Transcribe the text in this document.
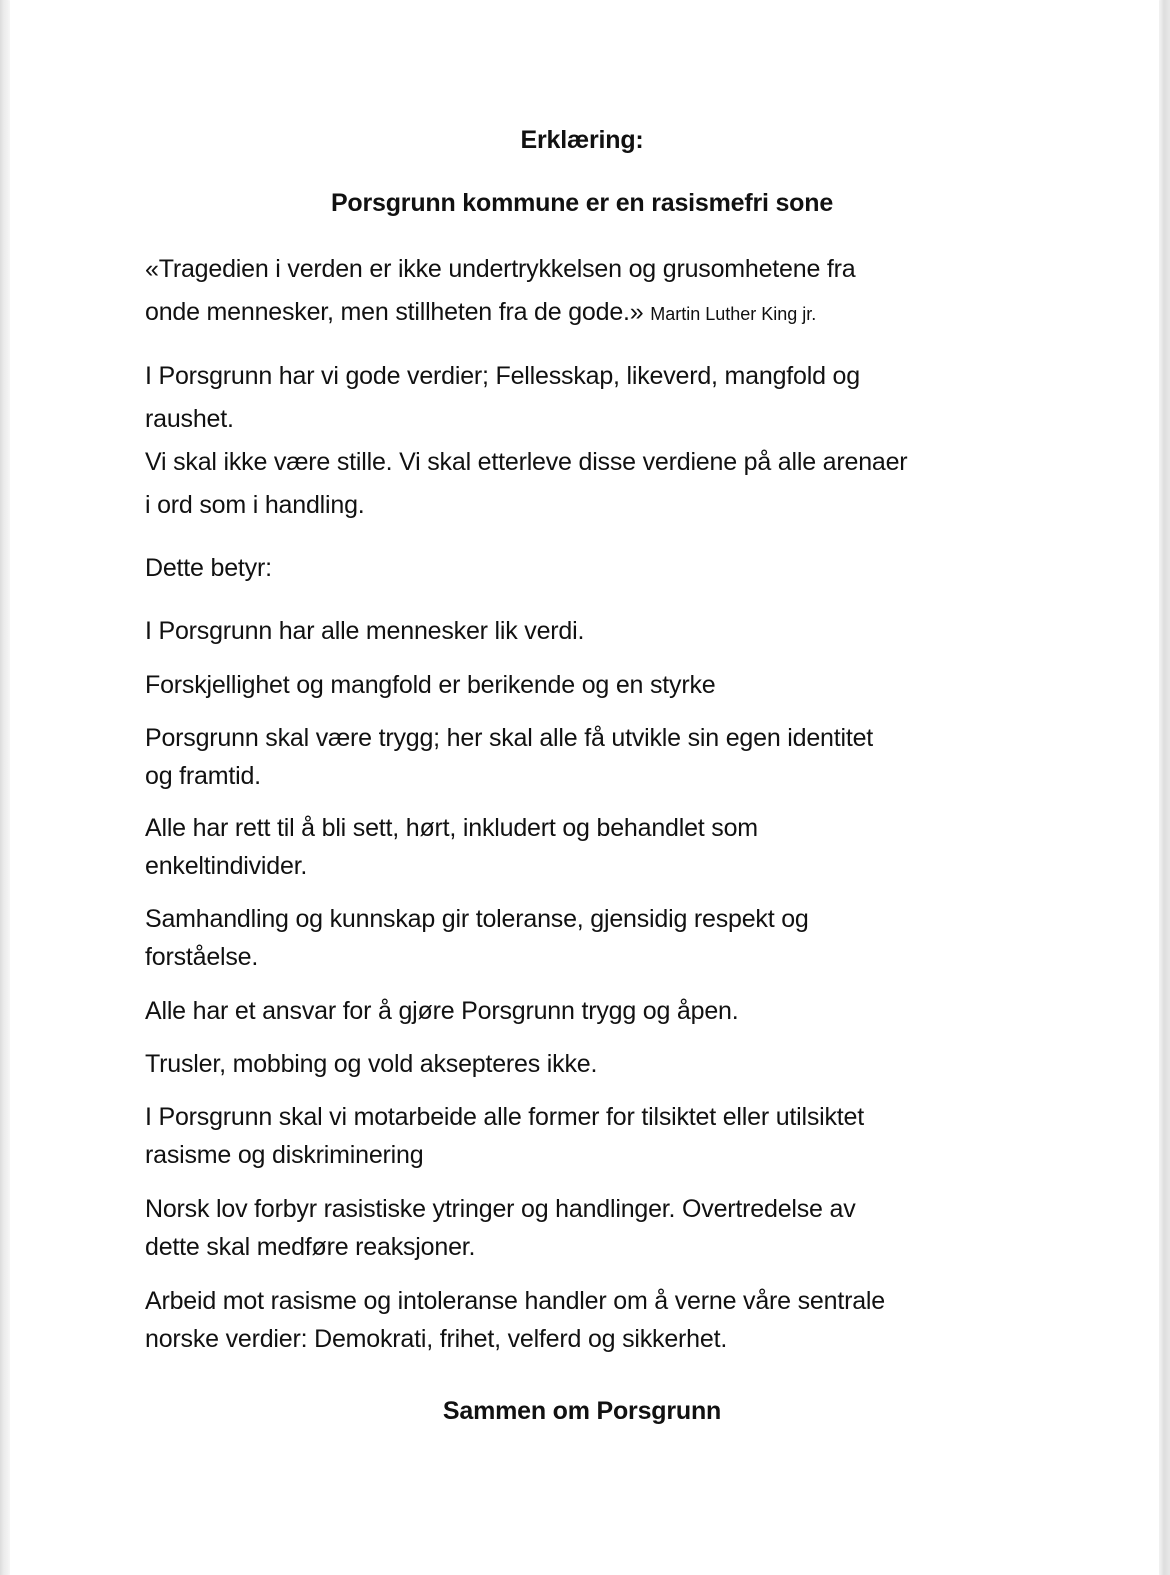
Erklæring:
Porsgrunn kommune er en rasismefri sone
«Tragedien i verden er ikke undertrykkelsen og grusomhetene fra
onde mennesker, men stillheten fra de gode.» Martin Luther King jr.
I Porsgrunn har vi gode verdier; Fellesskap, likeverd, mangfold og
raushet.
Vi skal ikke være stille. Vi skal etterleve disse verdiene på alle arenaer
i ord som i handling.
Dette betyr:
I Porsgrunn har alle mennesker lik verdi.
Forskjellighet og mangfold er berikende og en styrke
Porsgrunn skal være trygg; her skal alle få utvikle sin egen identitet
og framtid.
Alle har rett til å bli sett, hørt, inkludert og behandlet som
enkeltindivider.
Samhandling og kunnskap gir toleranse, gjensidig respekt og
forståelse.
Alle har et ansvar for å gjøre Porsgrunn trygg og åpen.
Trusler, mobbing og vold aksepteres ikke.
I Porsgrunn skal vi motarbeide alle former for tilsiktet eller utilsiktet
rasisme og diskriminering
Norsk lov forbyr rasistiske ytringer og handlinger. Overtredelse av
dette skal medføre reaksjoner.
Arbeid mot rasisme og intoleranse handler om å verne våre sentrale
norske verdier: Demokrati, frihet, velferd og sikkerhet.
Sammen om Porsgrunn
